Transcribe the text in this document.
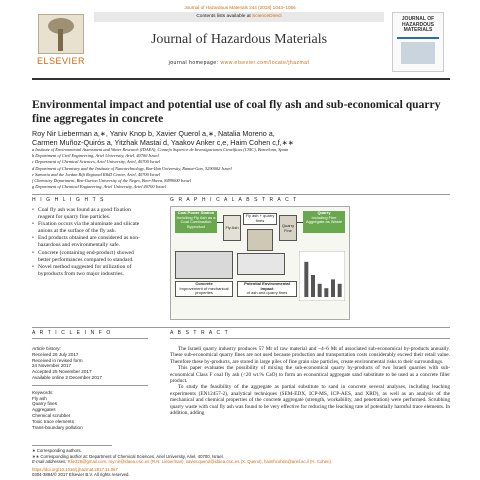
Journal of Hazardous Materials 344 (2018) 1043–1056
ELSEVIER
Contents lists available at ScienceDirect
Journal of Hazardous Materials
journal homepage: www.elsevier.com/locate/jhazmat
JOURNAL OF
HAZARDOUS
MATERIALS
Environmental impact and potential use of coal fly ash and sub-economical quarry fine aggregates in concrete
Roy Nir Lieberman a,∗, Yaniv Knop b, Xavier Querol a,∗, Natalia Moreno a,
Carmen Muñoz-Quirós a, Yitzhak Mastai d, Yaakov Anker c,e, Haim Cohen c,f,∗∗
a Institute of Environmental Assessment and Water Research (IDAEA), Consejo Superior de Investigaciones Científicas (CSIC), Barcelona, Spain
b Department of Civil Engineering, Ariel University, Ariel, 40700 Israel
c Department of Chemical Sciences, Ariel University, Ariel, 40700 Israel
d Department of Chemistry and the Institute of Nanotechnology, Bar-Ilan University, Ramat-Gan, 5290002 Israel
e Samaria and the Jordan Rift Regional R&D Center, Ariel, 40700 Israel
f Chemistry Department, Ben-Gurion University of the Negev, Beer-Sheva, 8499000 Israel
g Department of Chemical Engineering, Ariel University, Ariel 40700 Israel
H I G H L I G H T S	G R A P H I C A L A B S T R A C T
• Coal fly ash was found as a good fixation reagent for quarry fine particles.
• Fixation occurs via the aluminate and silicate anions at the surface of the fly ash.
• End products obtained are considered as non-hazardous and environmentally safe.
• Concrete (containing end-product) showed better performances compared to standard.
• Novel method suggested for utilization of byproducts from two major industries.
Coal Power Station
Including Fly Ash as a Coal Combustion Byproduct
Quarry
Including Fine Aggregate as Waste
Fly Ash	Quarry Fine
Fly ash + quarry fines
Concrete
Improvement of mechanical properties
Potential Environmental Impact
of ash and quarry fines
A R T I C L E I N F O	A B S T R A C T
Article history:
Received 26 July 2017
Received in revised form
24 November 2017
Accepted 25 November 2017
Available online 2 December 2017
Keywords:
Fly ash
Quarry fines
Aggregates
Chemical scrubber
Toxic trace elements
Trans-boundary pollution

The Israeli quarry industry produces 57 Mt of raw material and ~4–6 Mt of associated sub-economical by-products annually. These sub-economical quarry fines are not used because production and transportation costs considerably exceed their retail value. Therefore these by-products, are stored in large piles of fine grain size particles, create environmental risks to their surroundings.

This paper evaluates the possibility of mixing the sub-economical quarry by-products of two Israeli quarries with sub-economical Class F coal fly ash (<20 wt.% CaO) to form an economical aggregate sand substitute to be used as a concrete filler product.

To study the feasibility of the aggregate as partial substitute to sand in concrete several analyses, including leaching experiments (EN12457-2), analytical techniques (SEM-EDX, ICP-MS, ICP-AES, and XRD), as well as an analysis of the mechanical and chemical properties of the concrete aggregate (strength, workability, and penetration) were performed. Scrubbing quarry waste with coal fly ash was found to be very effective for reducing the leaching rate of potentially harmful trace elements. In addition, adding

∗ Corresponding authors.
∗∗ Corresponding author at: Department of Chemical Sciences, Ariel University, Ariel, 40700, Israel.
E-mail addresses: Rlie326@gmail.com, roy.nir@idaea.csic.es (R.N. Lieberman), xavier.querol@idaea.csic.es (X. Querol), haimhcohen@ariel.ac.il (H. Cohen).
https://doi.org/10.1016/j.jhazmat.2017.11.067
0304-3894/© 2017 Elsevier B.V. All rights reserved.
